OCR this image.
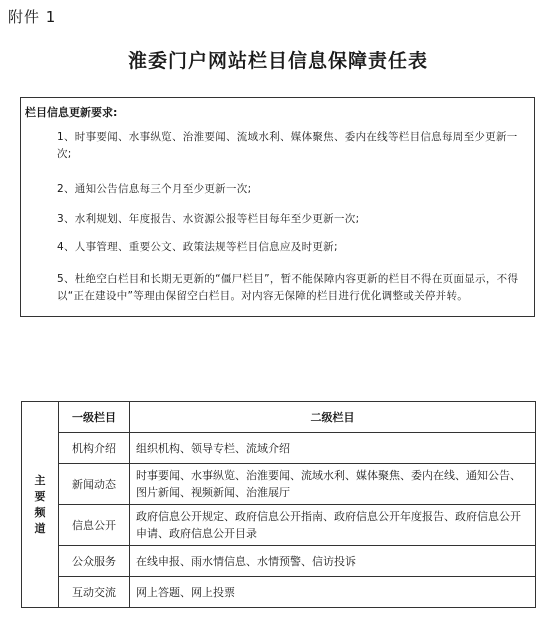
附件 1
淮委门户网站栏目信息保障责任表
栏目信息更新要求:
1、时事要闻、水事纵览、治淮要闻、流域水利、媒体聚焦、委内在线等栏目信息每周至少更新一次;
2、通知公告信息每三个月至少更新一次;
3、水利规划、年度报告、水资源公报等栏目每年至少更新一次;
4、人事管理、重要公文、政策法规等栏目信息应及时更新;
5、杜绝空白栏目和长期无更新的“僵尸栏目”，暂不能保障内容更新的栏目不得在页面显示，不得以“正在建设中”等理由保留空白栏目。对内容无保障的栏目进行优化调整或关停并转。
主
要
频
道	一级栏目	二级栏目
	机构介绍	组织机构、领导专栏、流域介绍
	新闻动态	时事要闻、水事纵览、治淮要闻、流域水利、媒体聚焦、委内在线、通知公告、图片新闻、视频新闻、治淮展厅
	信息公开	政府信息公开规定、政府信息公开指南、政府信息公开年度报告、政府信息公开申请、政府信息公开目录
	公众服务	在线申报、雨水情信息、水情预警、信访投诉
	互动交流	网上答题、网上投票
